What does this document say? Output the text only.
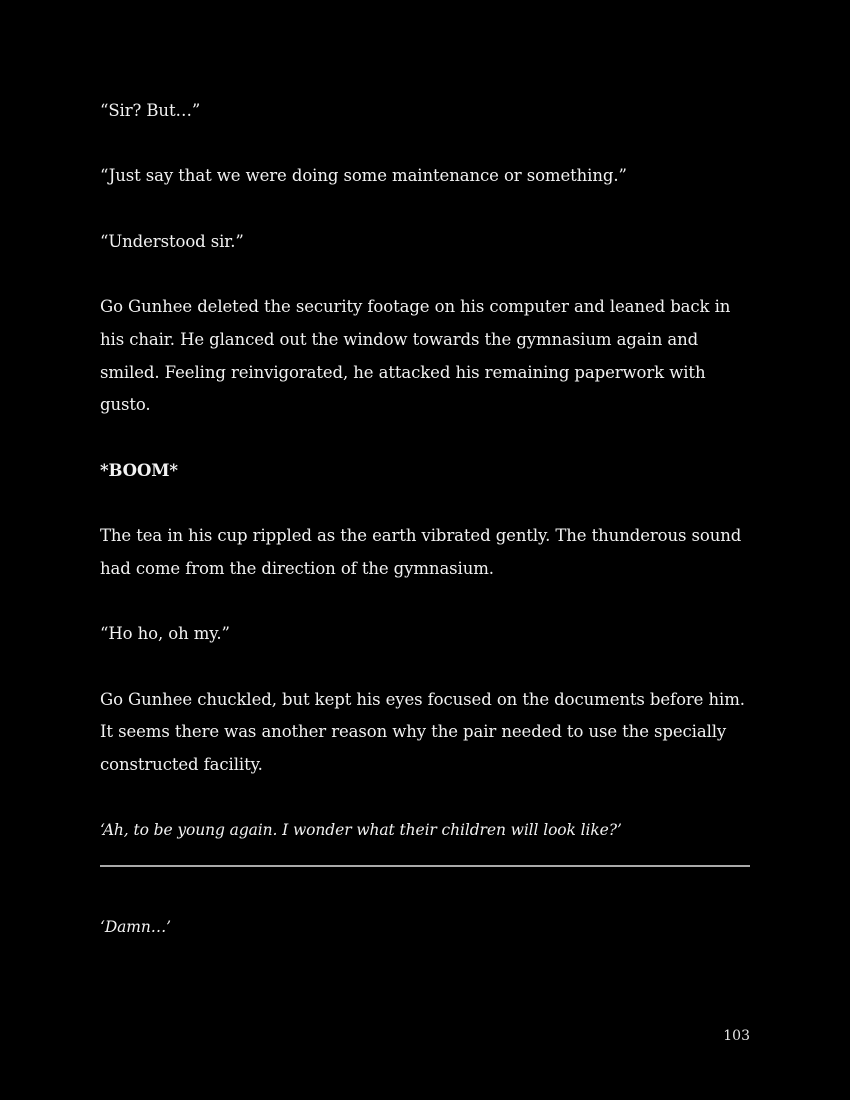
“Sir? But…”

“Just say that we were doing some maintenance or something.”

“Understood sir.”

Go Gunhee deleted the security footage on his computer and leaned back in his chair. He glanced out the window towards the gymnasium again and smiled. Feeling reinvigorated, he attacked his remaining paperwork with gusto.

*BOOM*

The tea in his cup rippled as the earth vibrated gently. The thunderous sound had come from the direction of the gymnasium.

“Ho ho, oh my.”

Go Gunhee chuckled, but kept his eyes focused on the documents before him. It seems there was another reason why the pair needed to use the specially constructed facility.

‘Ah, to be young again. I wonder what their children will look like?’

‘Damn…’

103
